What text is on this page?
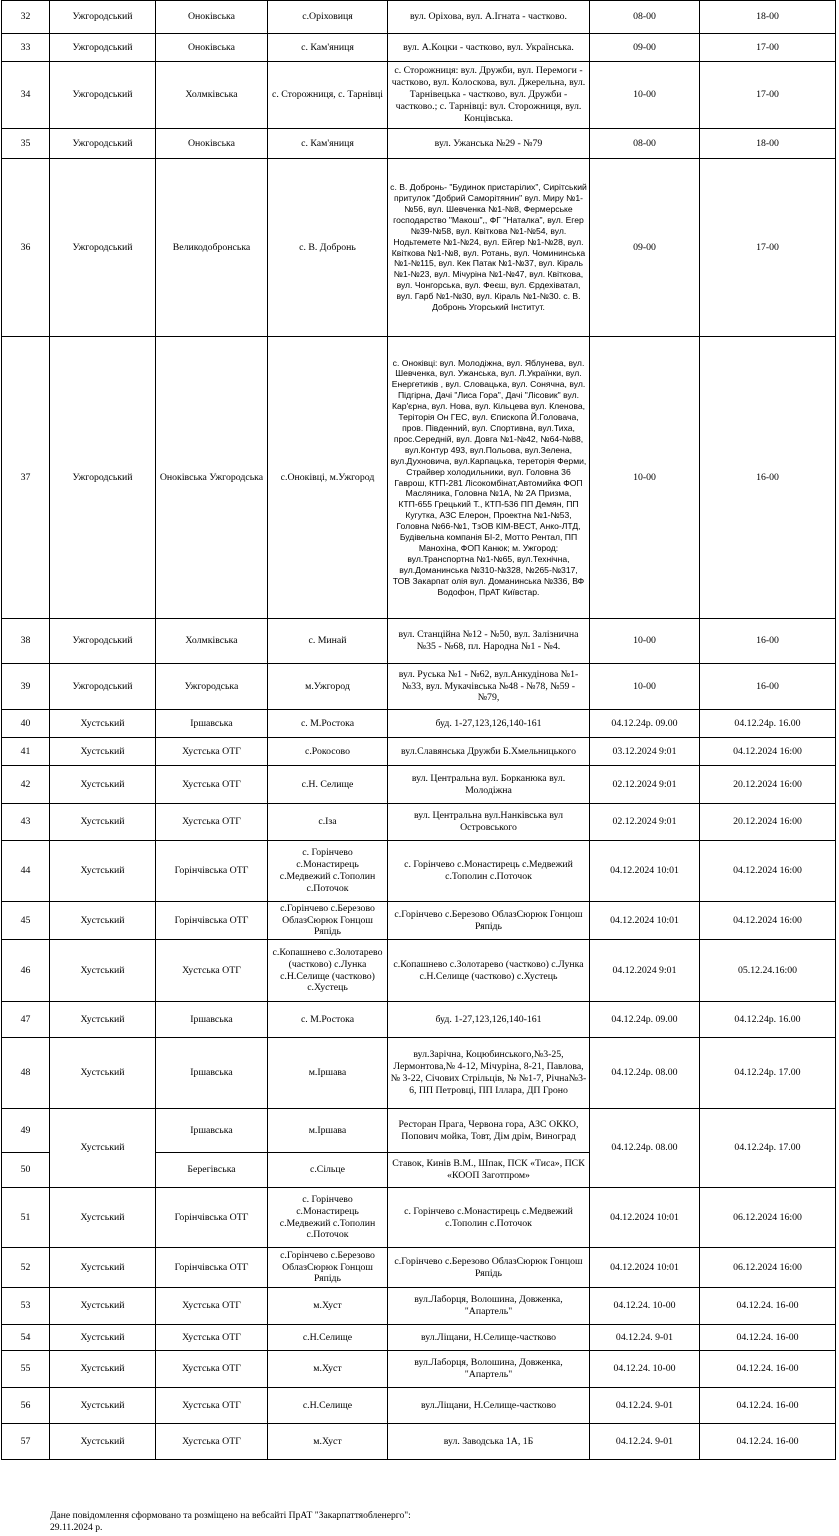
32	Ужгородський	Оноківська	с.Оріховиця	вул. Оріхова, вул. А.Ігната - частково.	08-00	18-00
33	Ужгородський	Оноківська	с. Кам'яниця	вул. А.Коцки - частково, вул. Українська.	09-00	17-00
34	Ужгородський	Холмківська	с. Сторожниця, с. Тарнівці	с. Сторожниця: вул. Дружби, вул. Перемоги - частково, вул. Колоскова, вул. Джерельна, вул. Тарнівецька - частково, вул. Дружби - частково.; с. Тарнівці: вул. Сторожниця, вул. Концівська.	10-00	17-00
35	Ужгородський	Оноківська	с. Кам'яниця	вул. Ужанська №29 - №79	08-00	18-00
36	Ужгородський	Великодобронська	с. В. Добронь	с. В. Добронь- "Будинок пристарілих", Сирітський притулок "Добрий Саморітянин" вул. Миру №1-№56, вул. Шевченка №1-№8, Фермерське господарство "Макош",, ФГ "Наталка", вул. Егер №39-№58, вул. Квіткова №1-№54, вул. Нодьтемете №1-№24, вул. Ейгер №1-№28, вул. Квіткова №1-№8, вул. Ротань, вул. Чомининська №1-№115, вул. Кек Патак №1-№37, вул. Кіраль №1-№23, вул. Мічуріна №1-№47, вул. Квіткова, вул. Чонгорська, вул. Феєш, вул. Єрдехіватал, вул. Гарб №1-№30, вул. Кіраль №1-№30. с. В. Добронь Угорський Інститут.	09-00	17-00
37	Ужгородський	Оноківська Ужгородська	с.Оноківці, м.Ужгород	с. Оноківці: вул. Молодіжна, вул. Яблунева, вул. Шевченка, вул. Ужанська, вул. Л.Українки, вул. Енергетиків , вул. Словацька, вул. Сонячна, вул. Підгірна, Дачі "Лиса Гора", Дачі "Лісовик" вул. Кар'єрна, вул. Нова, вул. Кільцева вул. Кленова, Теріторія Он ГЕС, вул. Єпископа Й.Головача, пров. Південний, вул. Спортивна, вул.Тиха, прос.Середній, вул. Довга №1-№42, №64-№88, вул.Контур 493, вул.Польова, вул.Зелена, вул.Духновича, вул.Карпацька, тереторія Ферми, Страйвер холодильники, вул. Головна 36 Гаврош, КТП-281 Лісокомбінат,Автомийка ФОП Масляника, Головна №1А, № 2А Призма, КТП-655 Грецький Т., КТП-536 ПП Демян, ПП Кугутка, АЗС Елерон, Проектна №1-№53, Головна №66-№1, ТзОВ КІМ-ВЕСТ, Анко-ЛТД, Будівельна компанія БІ-2, Мотто Рентал, ПП Манохіна, ФОП Канюк; м. Ужгород: вул.Транспортна №1-№65, вул.Технічна, вул.Доманинська №310-№328, №265-№317, ТОВ Закарпат олія вул. Доманинська №336, ВФ Водофон, ПрАТ Київстар.	10-00	16-00
38	Ужгородський	Холмківська	с. Минай	вул. Станційна №12 - №50, вул. Залізнична №35 - №68, пл. Народна №1 - №4.	10-00	16-00
39	Ужгородський	Ужгородська	м.Ужгород	вул. Руська №1 - №62, вул.Анкудінова №1-№33, вул. Мукачівська №48 - №78, №59 - №79,	10-00	16-00
40	Хустський	Іршавська	с. М.Ростока	буд. 1-27,123,126,140-161	04.12.24р. 09.00	04.12.24р. 16.00
41	Хустський	Хустська ОТГ	с.Рокосово	вул.Славянська Дружби Б.Хмельницького	03.12.2024 9:01	04.12.2024 16:00
42	Хустський	Хустська ОТГ	с.Н. Селище	вул. Центральна вул. Борканюка вул. Молодіжна	02.12.2024 9:01	20.12.2024 16:00
43	Хустський	Хустська ОТГ	с.Іза	вул. Центральна вул.Нанківська вул Островського	02.12.2024 9:01	20.12.2024 16:00
44	Хустський	Горінчівська ОТГ	с. Горінчево с.Монастирець с.Медвежий с.Тополин с.Поточок	с. Горінчево с.Монастирець с.Медвежий с.Тополин с.Поточок	04.12.2024 10:01	04.12.2024 16:00
45	Хустський	Горінчівська ОТГ	с.Горінчево с.Березово ОблазСюрюк Гонцош Ряпідь	с.Горінчево с.Березово ОблазСюрюк Гонцош Ряпідь	04.12.2024 10:01	04.12.2024 16:00
46	Хустський	Хустська ОТГ	с.Копашнево с.Золотарево (частково) с.Лунка с.Н.Селище (частково) с.Хустець	с.Копашнево с.Золотарево (частково) с.Лунка с.Н.Селище (частково) с.Хустець	04.12.2024 9:01	05.12.24.16:00
47	Хустський	Іршавська	с. М.Ростока	буд. 1-27,123,126,140-161	04.12.24р. 09.00	04.12.24р. 16.00
48	Хустський	Іршавська	м.Іршава	вул.Зарічна, Коцюбинського,№3-25, Лермонтова,№ 4-12, Мічуріна, 8-21, Павлова,№ 3-22, Січових Стрільців, № №1-7, Річна№3-6, ПП Петровці, ПП Іллара, ДП Гроно	04.12.24р. 08.00	04.12.24р. 17.00
49	Хустський	Іршавська	м.Іршава	Ресторан Прага, Червона гора, АЗС ОККО, Попович мойка, Товт, Дім дрім, Виноград	04.12.24р. 08.00	04.12.24р. 17.00
50		Берегівська	с.Сільце	Ставок, Кинів В.М., Шпак, ПСК «Тиса», ПСК «КООП Заготпром»		
51	Хустський	Горінчівська ОТГ	с. Горінчево с.Монастирець с.Медвежий с.Тополин с.Поточок	с. Горінчево с.Монастирець с.Медвежий с.Тополин с.Поточок	04.12.2024 10:01	06.12.2024 16:00
52	Хустський	Горінчівська ОТГ	с.Горінчево с.Березово ОблазСюрюк Гонцош Ряпідь	с.Горінчево с.Березово ОблазСюрюк Гонцош Ряпідь	04.12.2024 10:01	06.12.2024 16:00
53	Хустський	Хустська ОТГ	м.Хуст	вул.Лаборця, Волошина, Довженка, "Апартель"	04.12.24. 10-00	04.12.24. 16-00
54	Хустський	Хустська ОТГ	с.Н.Селище	вул.Ліщани, Н.Селище-частково	04.12.24. 9-01	04.12.24. 16-00
55	Хустський	Хустська ОТГ	м.Хуст	вул.Лаборця, Волошина, Довженка, "Апартель"	04.12.24. 10-00	04.12.24. 16-00
56	Хустський	Хустська ОТГ	с.Н.Селище	вул.Ліщани, Н.Селище-частково	04.12.24. 9-01	04.12.24. 16-00
57	Хустський	Хустська ОТГ	м.Хуст	вул. Заводська 1А, 1Б	04.12.24. 9-01	04.12.24. 16-00
Дане повідомлення сформовано та розміщено на вебсайті ПрАТ "Закарпаттяобленерго":
29.11.2024 р.
